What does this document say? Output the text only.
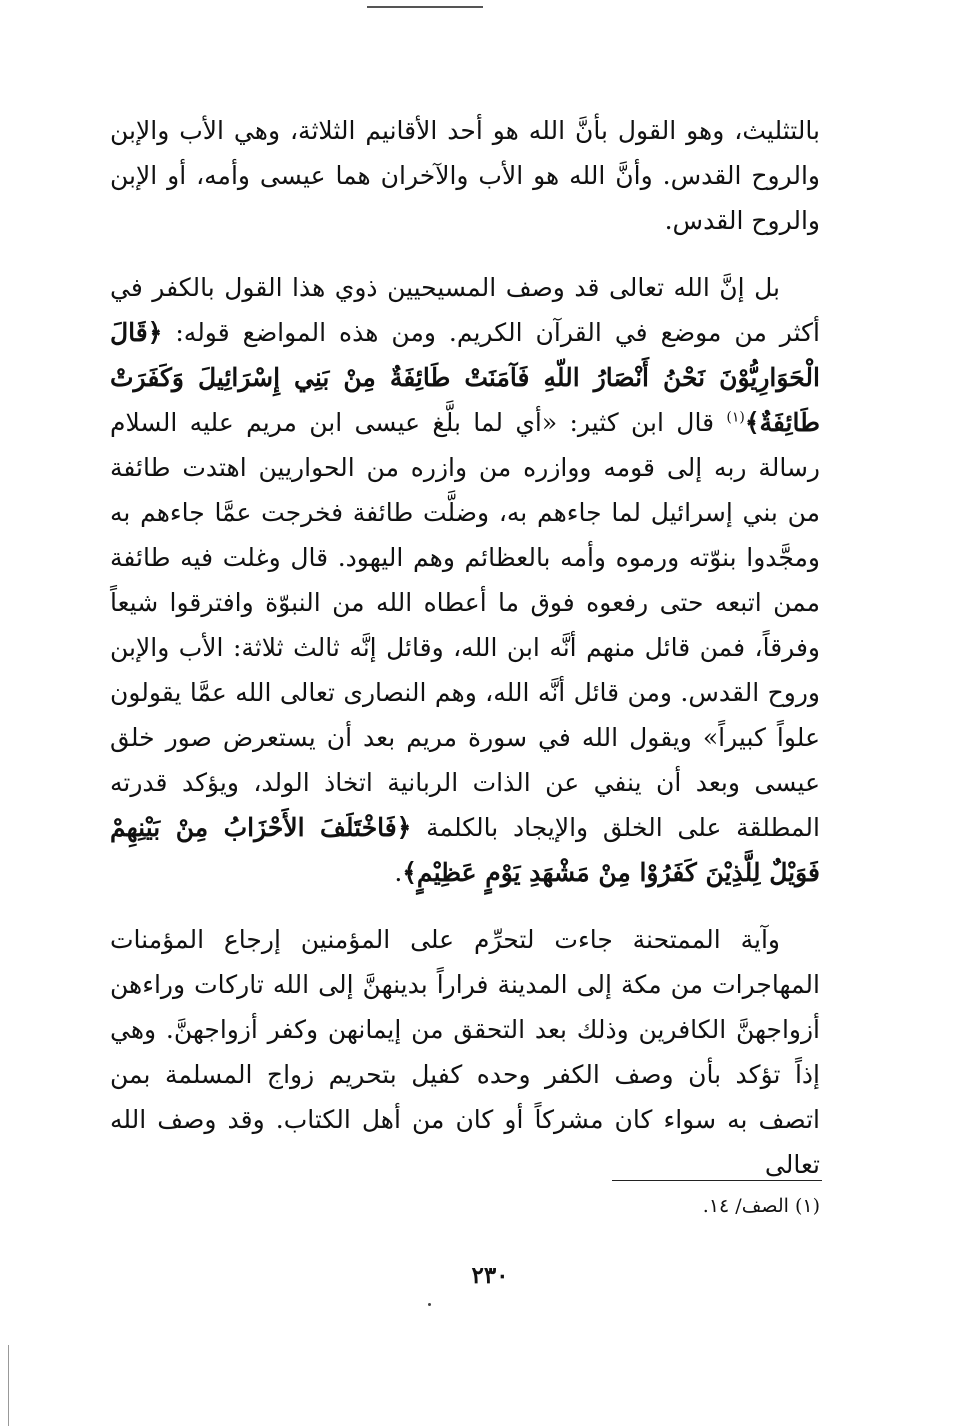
بالتثليث، وهو القول بأنَّ الله هو أحد الأقانيم الثلاثة، وهي الأب والإبن والروح القدس. وأنَّ الله هو الأب والآخران هما عيسى وأمه، أو الإبن والروح القدس.

بل إنَّ الله تعالى قد وصف المسيحيين ذوي هذا القول بالكفر في أكثر من موضع في القرآن الكريم. ومن هذه المواضع قوله: ﴿قَالَ الْحَوَارِيُّوْنَ نَحْنُ أَنْصَارُ اللّهِ فَآمَنَتْ طَائِفَةٌ مِنْ بَنِي إِسْرَائِيلَ وَكَفَرَتْ طَائِفَةٌ﴾$^{(١)}$ قال ابن كثير: «أي لما بلَّغ عيسى ابن مريم عليه السلام رسالة ربه إلى قومه ووازره من وازره من الحواريين اهتدت طائفة من بني إسرائيل لما جاءهم به، وضلَّت طائفة فخرجت عمَّا جاءهم به ومجَّدوا بنوّته ورموه وأمه بالعظائم وهم اليهود. قال وغلت فيه طائفة ممن اتبعه حتى رفعوه فوق ما أعطاه الله من النبوّة وافترقوا شيعاً وفرقاً، فمن قائل منهم أنَّه ابن الله، وقائل إنَّه ثالث ثلاثة: الأب والإبن وروح القدس. ومن قائل أنَّه الله، وهم النصارى تعالى الله عمَّا يقولون علواً كبيراً» ويقول الله في سورة مريم بعد أن يستعرض صور خلق عيسى وبعد أن ينفي عن الذات الربانية اتخاذ الولد، ويؤكد قدرته المطلقة على الخلق والإيجاد بالكلمة ﴿فَاخْتَلَفَ الأَحْزَابُ مِنْ بَيْنِهِمْ فَوَيْلٌ لِلَّذِيْنَ كَفَرُوْا مِنْ مَشْهَدِ يَوْمٍ عَظِيْمٍ﴾.

وآية الممتحنة جاءت لتحرِّم على المؤمنين إرجاع المؤمنات المهاجرات من مكة إلى المدينة فراراً بدينهنَّ إلى الله تاركات وراءهن أزواجهنَّ الكافرين وذلك بعد التحقق من إيمانهن وكفر أزواجهنَّ. وهي إذاً تؤكد بأن وصف الكفر وحده كفيل بتحريم زواج المسلمة بمن اتصف به سواء كان مشركاً أو كان من أهل الكتاب. وقد وصف الله تعالى

(١) الصف/ ١٤.
٢٣٠
